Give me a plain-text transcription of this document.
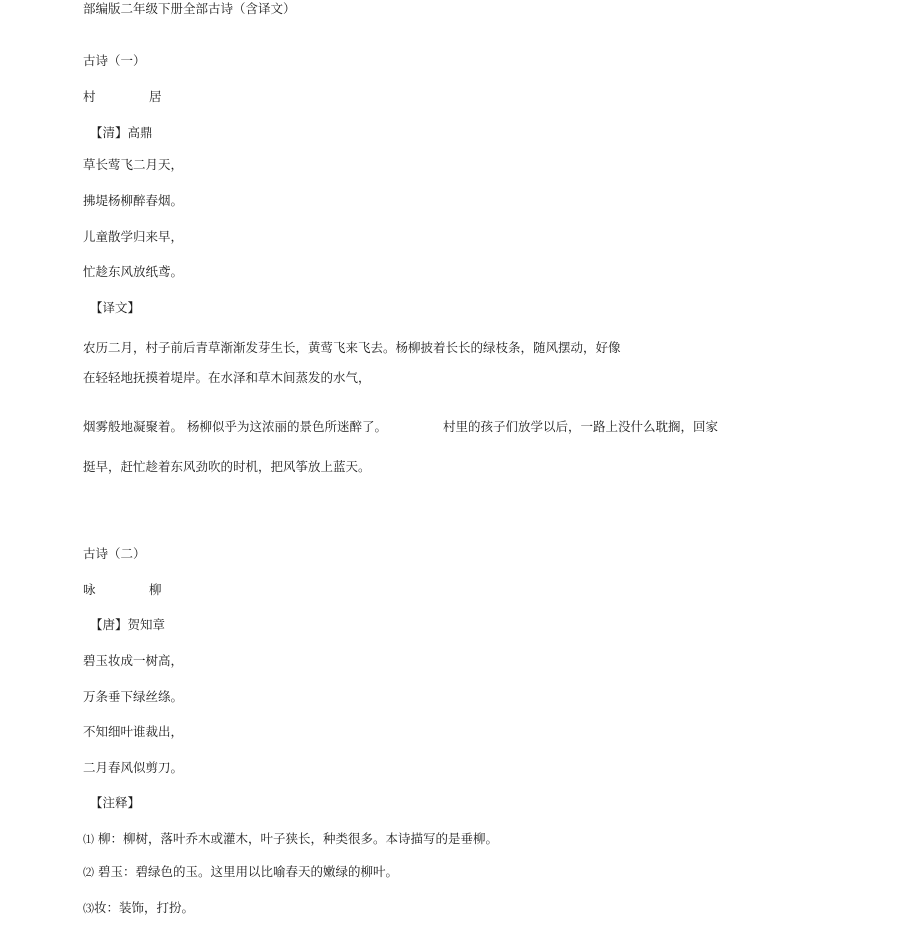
部编版二年级下册全部古诗（含译文）
古诗（一）
村	居
【清】高鼎
草长莺飞二月天，
拂堤杨柳醉春烟。
儿童散学归来早，
忙趁东风放纸鸢。
【译文】
农历二月，村子前后青草渐渐发芽生长，黄莺飞来飞去。杨柳披着长长的绿枝条，随风摆动，好像
在轻轻地抚摸着堤岸。在水泽和草木间蒸发的水气，
烟雾般地凝聚着。 杨柳似乎为这浓丽的景色所迷醉了。	村里的孩子们放学以后，一路上没什么耽搁，回家
挺早，赶忙趁着东风劲吹的时机，把风筝放上蓝天。
古诗（二）
咏	柳
【唐】贺知章
碧玉妆成一树高，
万条垂下绿丝绦。
不知细叶谁裁出，
二月春风似剪刀。
【注释】
⑴ 柳：柳树，落叶乔木或灌木，叶子狭长，种类很多。本诗描写的是垂柳。
⑵ 碧玉：碧绿色的玉。这里用以比喻春天的嫩绿的柳叶。
⑶妆：装饰，打扮。
